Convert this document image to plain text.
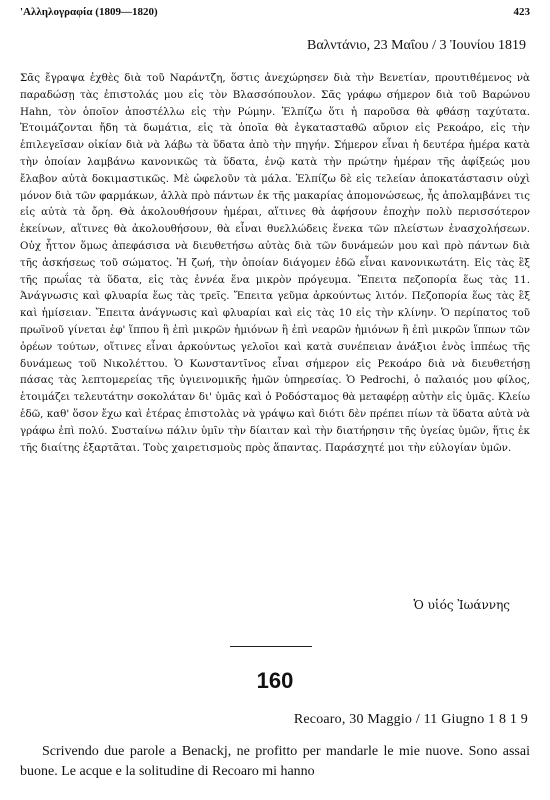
'Αλληλογραφία (1809—1820)	423
Βαλντάνιο, 23 Μαΐου / 3 Ἰουνίου 1819

Σᾶς ἔγραψα ἐχθὲς διὰ τοῦ Ναράντζη, ὅστις ἀνεχώρησεν διὰ τὴν Βενετίαν, προυτιθέμενος νὰ παραδώσῃ τὰς ἐπιστολάς μου εἰς τὸν Βλασσόπουλον. Σᾶς γράφω σήμερον διὰ τοῦ Βαρώνου Hahn, τὸν ὁποῖον ἀποστέλλω εἰς τὴν Ρώμην. Ἐλπίζω ὅτι ἡ παροῦσα θὰ φθάσῃ ταχύτατα. Ἑτοιμάζονται ἤδη τὰ δωμάτια, εἰς τὰ ὁποῖα θὰ ἐγκατασταθῶ αὔριον εἰς Ρεκοάρο, εἰς τὴν ἐπιλεγεῖσαν οἰκίαν διὰ νὰ λάβω τὰ ὕδατα ἀπὸ τὴν πηγήν. Σήμερον εἶναι ἡ δευτέρα ἡμέρα κατὰ τὴν ὁποίαν λαμβάνω κανονικῶς τὰ ὕδατα, ἐνῷ κατὰ τὴν πρώτην ἡμέραν τῆς ἀφίξεώς μου ἔλαβον αὐτὰ δοκιμαστικῶς. Μὲ ὠφελοῦν τὰ μάλα. Ἐλπίζω δὲ εἰς τελείαν ἀποκατάστασιν οὐχὶ μόνον διὰ τῶν φαρμάκων, ἀλλὰ πρὸ πάντων ἐκ τῆς μακαρίας ἀπομονώσεως, ἧς ἀπολαμβάνει τις εἰς αὐτὰ τὰ ὄρη. Θὰ ἀκολουθήσουν ἡμέραι, αἵτινες θὰ ἀφήσουν ἐποχὴν πολὺ περισσότερον ἐκείνων, αἵτινες θὰ ἀκολουθήσουν, θὰ εἶναι θυελλώδεις ἕνεκα τῶν πλείστων ἐνασχολήσεων. Οὐχ ἧττον ὅμως ἀπεφάσισα νὰ διευθετήσω αὐτὰς διὰ τῶν δυνάμεών μου καὶ πρὸ πάντων διὰ τῆς ἀσκήσεως τοῦ σώματος. Ἡ ζωή, τὴν ὁποίαν διάγομεν ἐδῶ εἶναι κανονικωτάτη. Εἰς τὰς ἓξ τῆς πρωΐας τὰ ὕδατα, εἰς τὰς ἐννέα ἕνα μικρὸν πρόγευμα. Ἔπειτα πεζοπορία ἕως τὰς 11. Ἀνάγνωσις καὶ φλυαρία ἕως τὰς τρεῖς. Ἔπειτα γεῦμα ἀρκούντως λιτόν. Πεζοπορία ἕως τὰς ἓξ καὶ ἡμίσειαν. Ἔπειτα ἀνάγνωσις καὶ φλυαρίαι καὶ εἰς τὰς 10 εἰς τὴν κλίνην. Ὁ περίπατος τοῦ πρωϊνοῦ γίνεται ἐφ' ἵππου ἢ ἐπὶ μικρῶν ἡμιόνων ἢ ἐπὶ νεαρῶν ἡμιόνων ἢ ἐπὶ μικρῶν ἵππων τῶν ὀρέων τούτων, οἵτινες εἶναι ἀρκούντως γελοῖοι καὶ κατὰ συνέπειαν ἀνάξιοι ἑνὸς ἱππέως τῆς δυνάμεως τοῦ Νικολέττου. Ὁ Κωνσταντῖνος εἶναι σήμερον εἰς Ρεκοάρο διὰ νὰ διευθετήσῃ πάσας τὰς λεπτομερείας τῆς ὑγιεινομικῆς ἡμῶν ὑπηρεσίας. Ὁ Pedrochi, ὁ παλαιός μου φίλος, ἑτοιμάζει τελευτάτην σοκολάταν δι' ὑμᾶς καὶ ὁ Ροδόσταμος θὰ μεταφέρῃ αὐτὴν εἰς ὑμᾶς. Κλείω ἐδῶ, καθ' ὅσον ἔχω καὶ ἑτέρας ἐπιστολὰς νὰ γράψω καὶ διότι δὲν πρέπει πίων τὰ ὕδατα αὐτὰ νὰ γράφω ἐπὶ πολύ. Συσταίνω πάλιν ὑμῖν τὴν δίαιταν καὶ τὴν διατήρησιν τῆς ὑγείας ὑμῶν, ἥτις ἐκ τῆς διαίτης ἐξαρτᾶται. Τοὺς χαιρετισμοὺς πρὸς ἅπαντας. Παράσχητέ μοι τὴν εὐλογίαν ὑμῶν.

Ὁ υἱός Ἰωάννης
160
Recoaro, 30 Maggio / 11 Giugno 1 8 1 9

Scrivendo due parole a Benackj, ne profitto per mandarle le mie nuove. Sono assai buone. Le acque e la solitudine di Recoaro mi hanno
